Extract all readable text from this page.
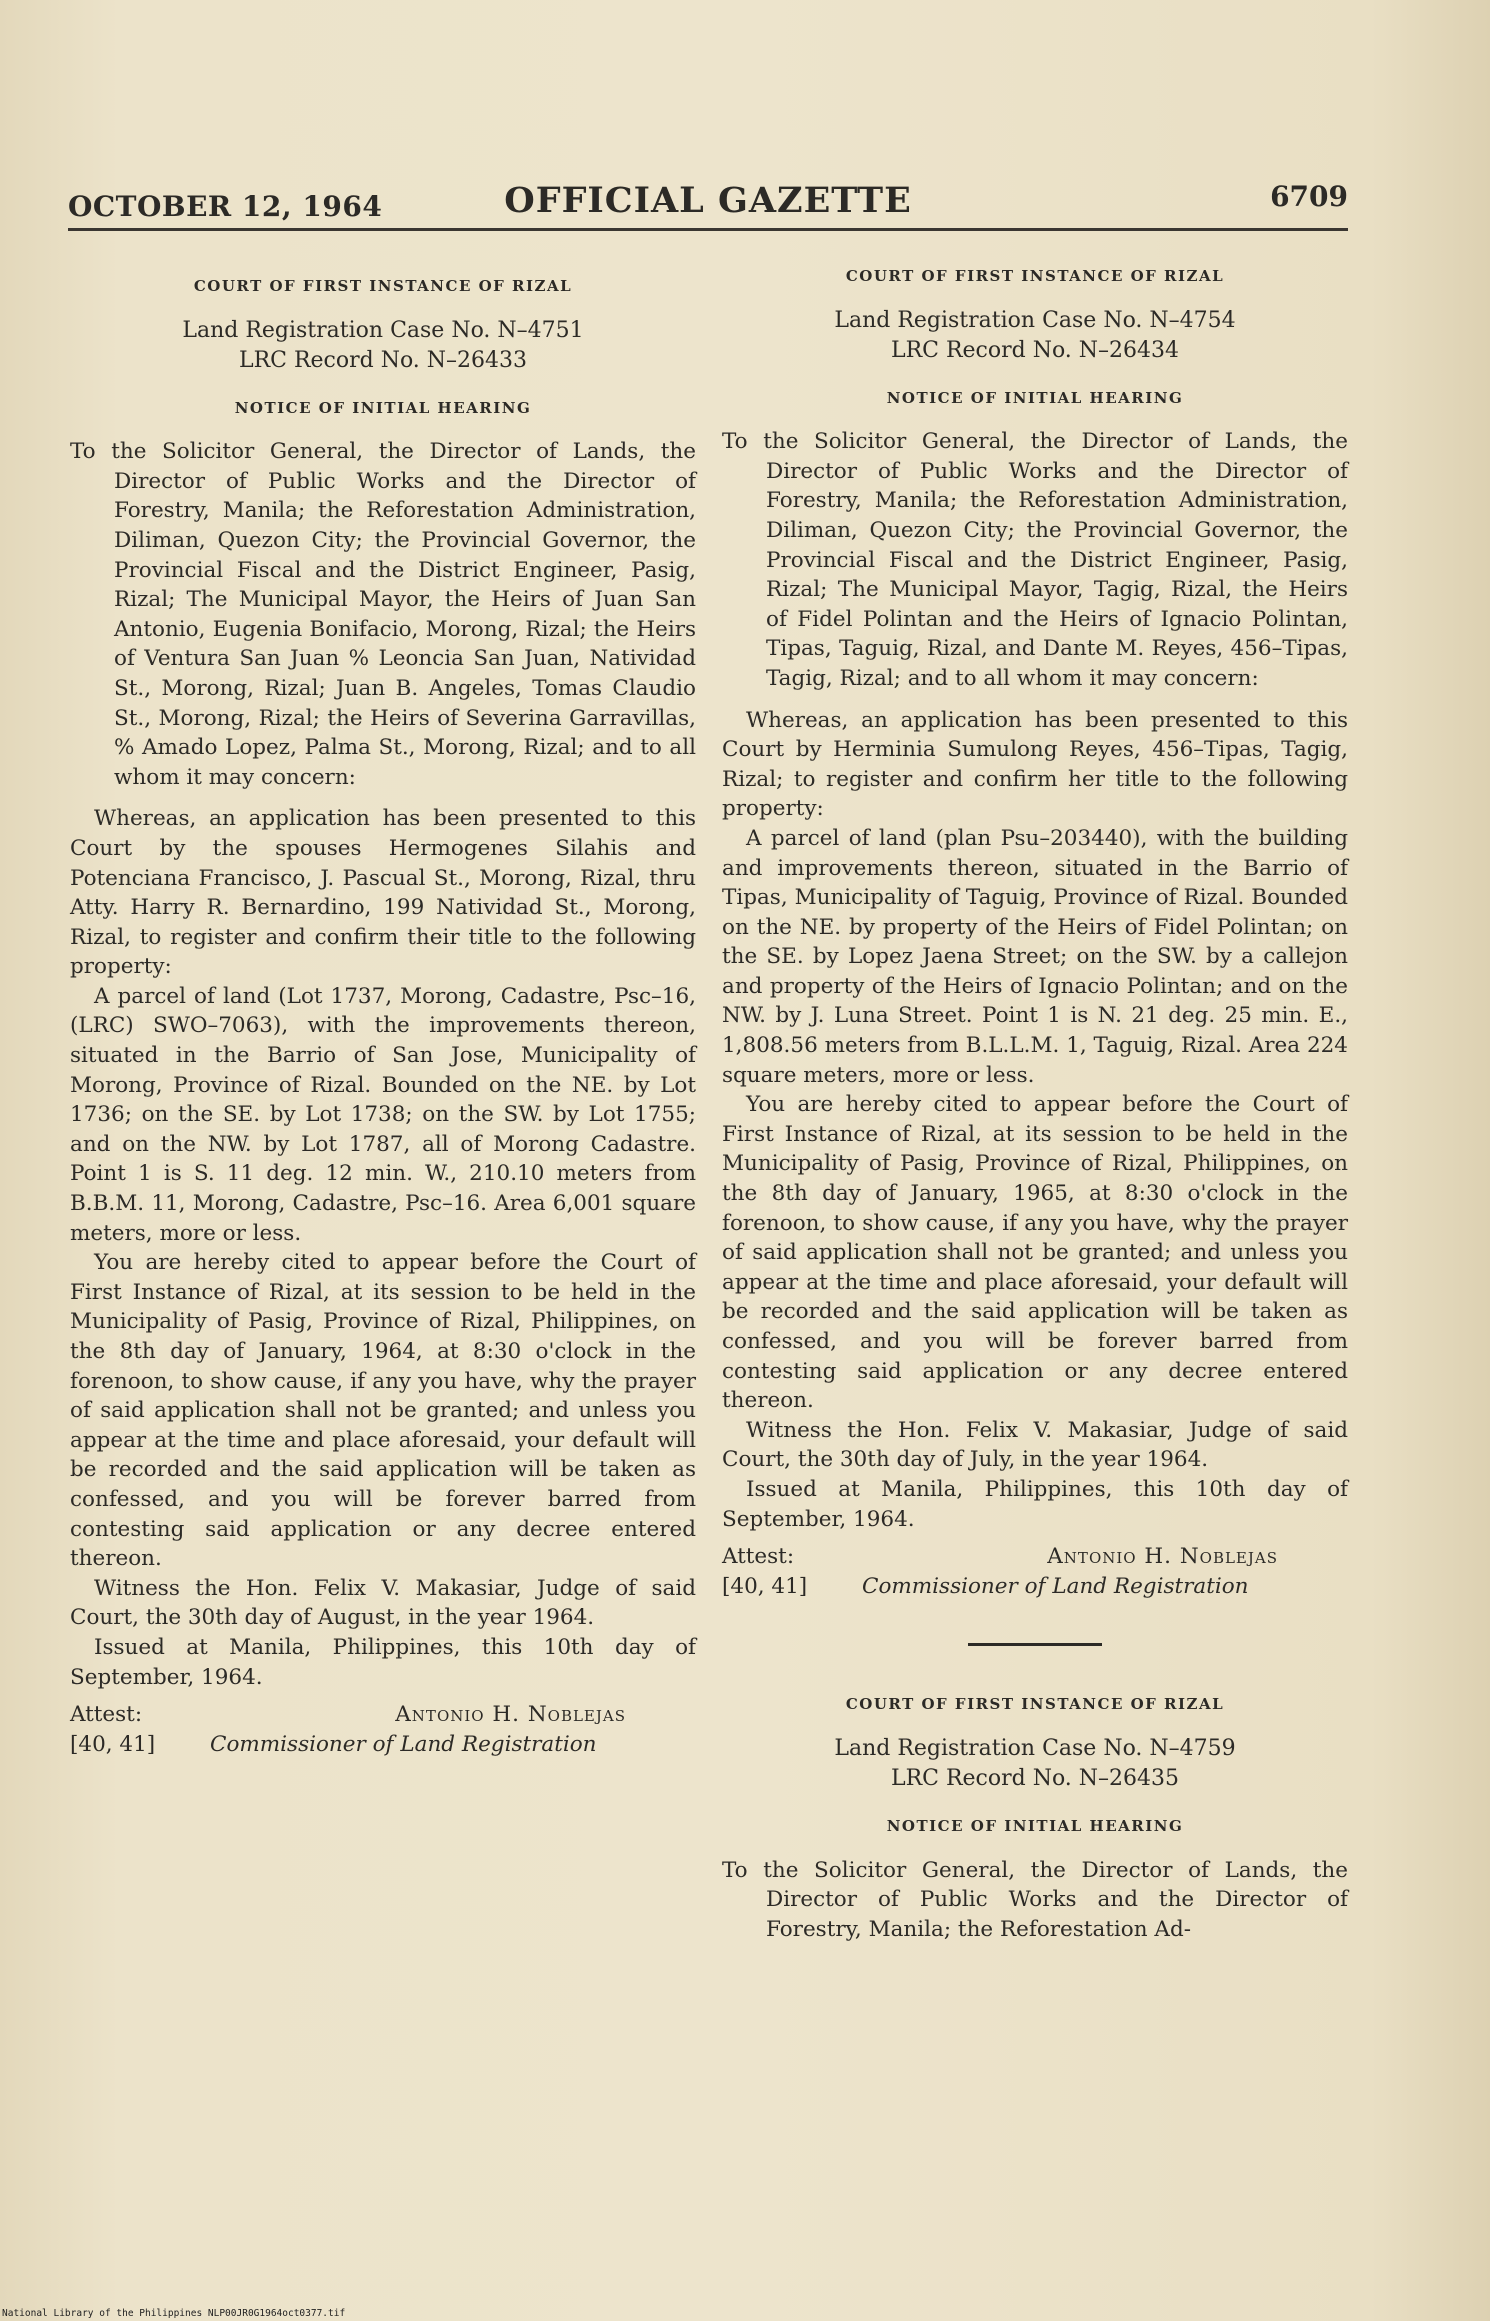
OCTOBER 12, 1964	OFFICIAL GAZETTE	6709
COURT OF FIRST INSTANCE OF RIZAL
Land Registration Case No. N–4751
LRC Record No. N–26433
NOTICE OF INITIAL HEARING

To the Solicitor General, the Director of Lands, the Director of Public Works and the Director of Forestry, Manila; the Reforestation Administration, Diliman, Quezon City; the Provincial Governor, the Provincial Fiscal and the District Engineer, Pasig, Rizal; The Municipal Mayor, the Heirs of Juan San Antonio, Eugenia Bonifacio, Morong, Rizal; the Heirs of Ventura San Juan % Leoncia San Juan, Natividad St., Morong, Rizal; Juan B. Angeles, Tomas Claudio St., Morong, Rizal; the Heirs of Severina Garravillas, % Amado Lopez, Palma St., Morong, Rizal; and to all whom it may concern:

Whereas, an application has been presented to this Court by the spouses Hermogenes Silahis and Potenciana Francisco, J. Pascual St., Morong, Rizal, thru Atty. Harry R. Bernardino, 199 Natividad St., Morong, Rizal, to register and confirm their title to the following property:

A parcel of land (Lot 1737, Morong, Cadastre, Psc–16, (LRC) SWO–7063), with the improvements thereon, situated in the Barrio of San Jose, Municipality of Morong, Province of Rizal. Bounded on the NE. by Lot 1736; on the SE. by Lot 1738; on the SW. by Lot 1755; and on the NW. by Lot 1787, all of Morong Cadastre. Point 1 is S. 11 deg. 12 min. W., 210.10 meters from B.B.M. 11, Morong, Cadastre, Psc–16. Area 6,001 square meters, more or less.

You are hereby cited to appear before the Court of First Instance of Rizal, at its session to be held in the Municipality of Pasig, Province of Rizal, Philippines, on the 8th day of January, 1964, at 8:30 o'clock in the forenoon, to show cause, if any you have, why the prayer of said application shall not be granted; and unless you appear at the time and place aforesaid, your default will be recorded and the said application will be taken as confessed, and you will be forever barred from contesting said application or any decree entered thereon.

Witness the Hon. Felix V. Makasiar, Judge of said Court, the 30th day of August, in the year 1964.

Issued at Manila, Philippines, this 10th day of September, 1964.

Attest:	Antonio H. Noblejas
[40, 41]	Commissioner of Land Registration
COURT OF FIRST INSTANCE OF RIZAL
Land Registration Case No. N–4754
LRC Record No. N–26434
NOTICE OF INITIAL HEARING

To the Solicitor General, the Director of Lands, the Director of Public Works and the Director of Forestry, Manila; the Reforestation Administration, Diliman, Quezon City; the Provincial Governor, the Provincial Fiscal and the District Engineer, Pasig, Rizal; The Municipal Mayor, Tagig, Rizal, the Heirs of Fidel Polintan and the Heirs of Ignacio Polintan, Tipas, Taguig, Rizal, and Dante M. Reyes, 456–Tipas, Tagig, Rizal; and to all whom it may concern:

Whereas, an application has been presented to this Court by Herminia Sumulong Reyes, 456–Tipas, Tagig, Rizal; to register and confirm her title to the following property:

A parcel of land (plan Psu–203440), with the building and improvements thereon, situated in the Barrio of Tipas, Municipality of Taguig, Province of Rizal. Bounded on the NE. by property of the Heirs of Fidel Polintan; on the SE. by Lopez Jaena Street; on the SW. by a callejon and property of the Heirs of Ignacio Polintan; and on the NW. by J. Luna Street. Point 1 is N. 21 deg. 25 min. E., 1,808.56 meters from B.L.L.M. 1, Taguig, Rizal. Area 224 square meters, more or less.

You are hereby cited to appear before the Court of First Instance of Rizal, at its session to be held in the Municipality of Pasig, Province of Rizal, Philippines, on the 8th day of January, 1965, at 8:30 o'clock in the forenoon, to show cause, if any you have, why the prayer of said application shall not be granted; and unless you appear at the time and place aforesaid, your default will be recorded and the said application will be taken as confessed, and you will be forever barred from contesting said application or any decree entered thereon.

Witness the Hon. Felix V. Makasiar, Judge of said Court, the 30th day of July, in the year 1964.

Issued at Manila, Philippines, this 10th day of September, 1964.

Attest:	Antonio H. Noblejas
[40, 41]	Commissioner of Land Registration
COURT OF FIRST INSTANCE OF RIZAL
Land Registration Case No. N–4759
LRC Record No. N–26435
NOTICE OF INITIAL HEARING

To the Solicitor General, the Director of Lands, the Director of Public Works and the Director of Forestry, Manila; the Reforestation Ad-

National Library of the Philippines NLP00JR0G1964oct0377.tif
